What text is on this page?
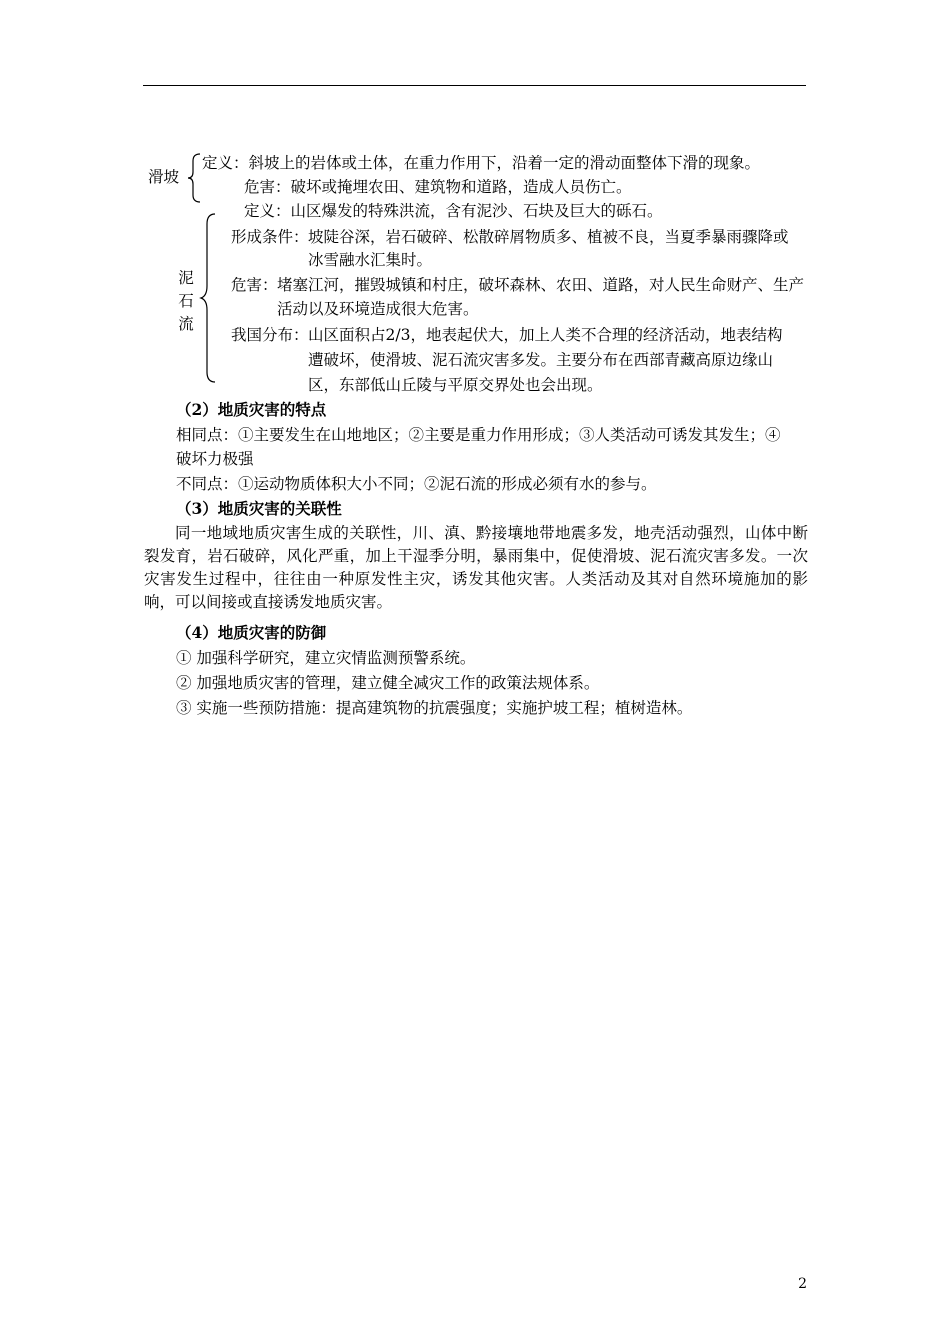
滑坡
定义：斜坡上的岩体或土体，在重力作用下，沿着一定的滑动面整体下滑的现象。
危害：破坏或掩埋农田、建筑物和道路，造成人员伤亡。
定义：山区爆发的特殊洪流，含有泥沙、石块及巨大的砾石。
泥
石
流
形成条件： 坡陡谷深，岩石破碎、松散碎屑物质多、植被不良，当夏季暴雨骤降或
冰雪融水汇集时。
危害： 堵塞江河，摧毁城镇和村庄，破坏森林、农田、道路，对人民生命财产、生产
活动以及环境造成很大危害。
我国分布： 山区面积占2/3，地表起伏大，加上人类不合理的经济活动，地表结构
遭破坏，使滑坡、泥石流灾害多发。主要分布在西部青藏高原边缘山
区，东部低山丘陵与平原交界处也会出现。
（2）地质灾害的特点
相同点：①主要发生在山地地区；②主要是重力作用形成；③人类活动可诱发其发生；④
破坏力极强
不同点：①运动物质体积大小不同；②泥石流的形成必须有水的参与。
（3）地质灾害的关联性
同一地域地质灾害生成的关联性，川、滇、黔接壤地带地震多发，地壳活动强烈，山体中断裂发育，岩石破碎，风化严重，加上干湿季分明，暴雨集中，促使滑坡、泥石流灾害多发。一次灾害发生过程中，往往由一种原发性主灾，诱发其他灾害。人类活动及其对自然环境施加的影响，可以间接或直接诱发地质灾害。
（4）地质灾害的防御
① 加强科学研究，建立灾情监测预警系统。
② 加强地质灾害的管理，建立健全减灾工作的政策法规体系。
③ 实施一些预防措施：提高建筑物的抗震强度；实施护坡工程；植树造林。
2
